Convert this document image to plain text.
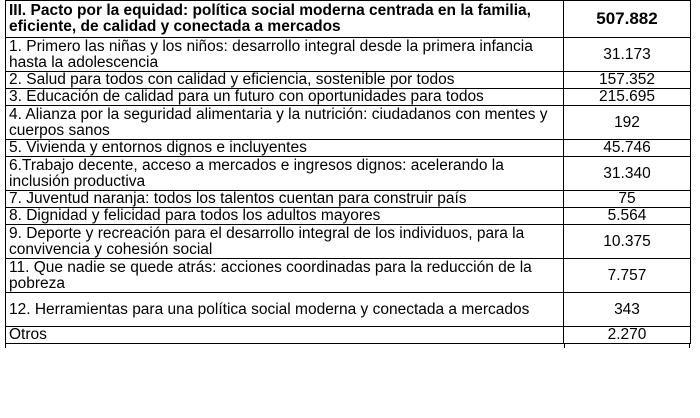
III. Pacto por la equidad: política social moderna centrada en la familia, eficiente, de calidad y conectada a mercados	507.882
1. Primero las niñas y los niños: desarrollo integral desde la primera infancia hasta la adolescencia	31.173
2. Salud para todos con calidad y eficiencia, sostenible por todos	157.352
3. Educación de calidad para un futuro con oportunidades para todos	215.695
4. Alianza por la seguridad alimentaria y la nutrición: ciudadanos con mentes y cuerpos sanos	192
5. Vivienda y entornos dignos e incluyentes	45.746
6.Trabajo decente, acceso a mercados e ingresos dignos: acelerando la inclusión productiva	31.340
7. Juventud naranja: todos los talentos cuentan para construir país	75
8. Dignidad y felicidad para todos los adultos mayores	5.564
9. Deporte y recreación para el desarrollo integral de los individuos, para la convivencia y cohesión social	10.375
11. Que nadie se quede atrás: acciones coordinadas para la reducción de la pobreza	7.757
12. Herramientas para una política social moderna y conectada a mercados	343
Otros	2.270
